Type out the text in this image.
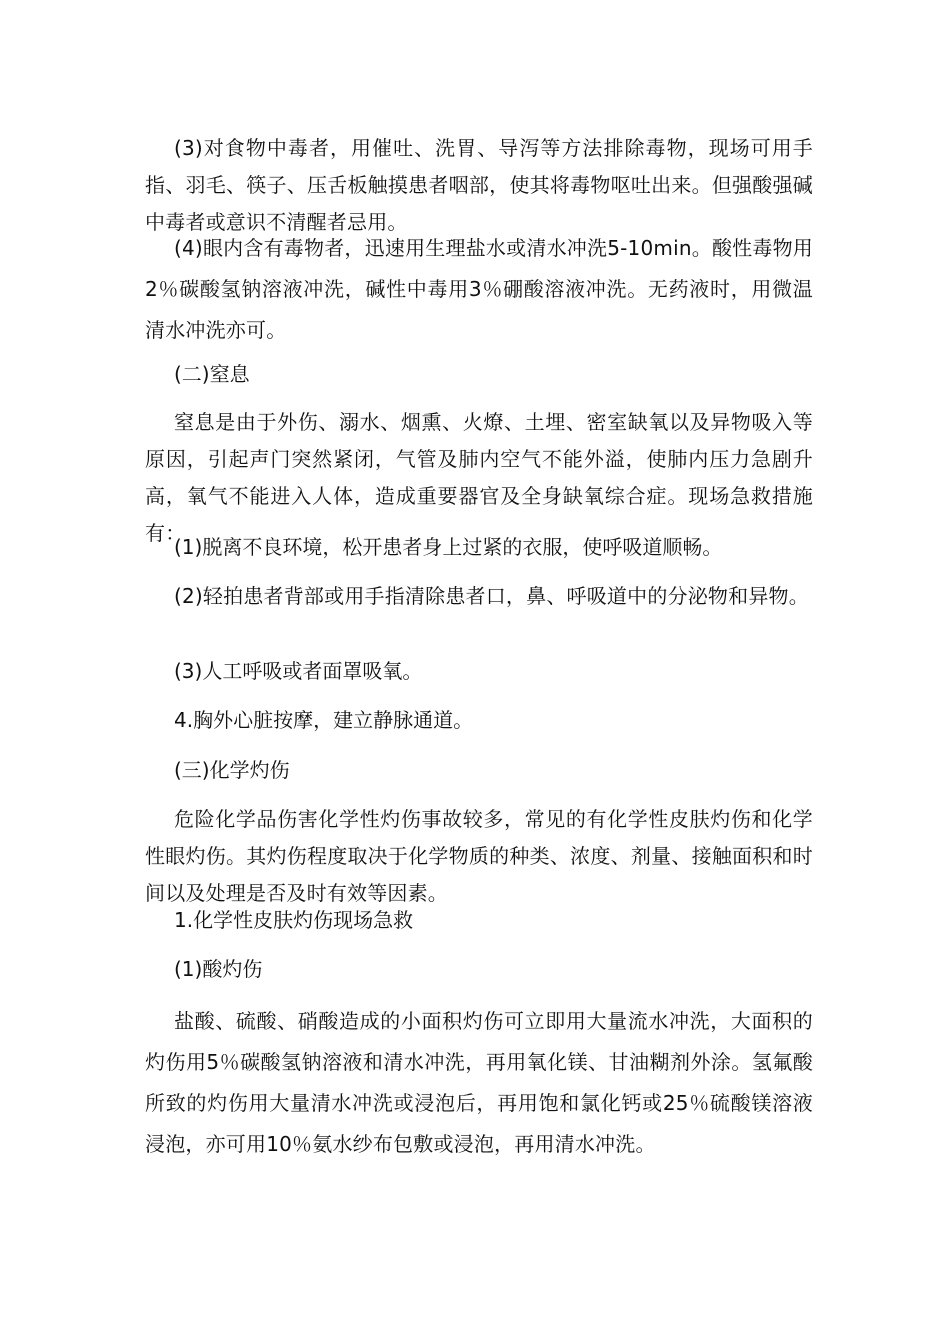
(3)对食物中毒者，用催吐、洗胃、导泻等方法排除毒物，现场可用手指、羽毛、筷子、压舌板触摸患者咽部，使其将毒物呕吐出来。但强酸强碱中毒者或意识不清醒者忌用。

(4)眼内含有毒物者，迅速用生理盐水或清水冲洗5-10min。酸性毒物用2％碳酸氢钠溶液冲洗，碱性中毒用3％硼酸溶液冲洗。无药液时，用微温清水冲洗亦可。

(二)窒息

窒息是由于外伤、溺水、烟熏、火燎、土埋、密室缺氧以及异物吸入等原因，引起声门突然紧闭，气管及肺内空气不能外溢，使肺内压力急剧升高，氧气不能进入人体，造成重要器官及全身缺氧综合症。现场急救措施有：

(1)脱离不良环境，松开患者身上过紧的衣服，使呼吸道顺畅。

(2)轻拍患者背部或用手指清除患者口，鼻、呼吸道中的分泌物和异物。

(3)人工呼吸或者面罩吸氧。

4.胸外心脏按摩，建立静脉通道。

(三)化学灼伤

危险化学品伤害化学性灼伤事故较多，常见的有化学性皮肤灼伤和化学性眼灼伤。其灼伤程度取决于化学物质的种类、浓度、剂量、接触面积和时间以及处理是否及时有效等因素。

1.化学性皮肤灼伤现场急救

(1)酸灼伤

盐酸、硫酸、硝酸造成的小面积灼伤可立即用大量流水冲洗，大面积的灼伤用5％碳酸氢钠溶液和清水冲洗，再用氧化镁、甘油糊剂外涂。氢氟酸所致的灼伤用大量清水冲洗或浸泡后，再用饱和氯化钙或25％硫酸镁溶液浸泡，亦可用10％氨水纱布包敷或浸泡，再用清水冲洗。
